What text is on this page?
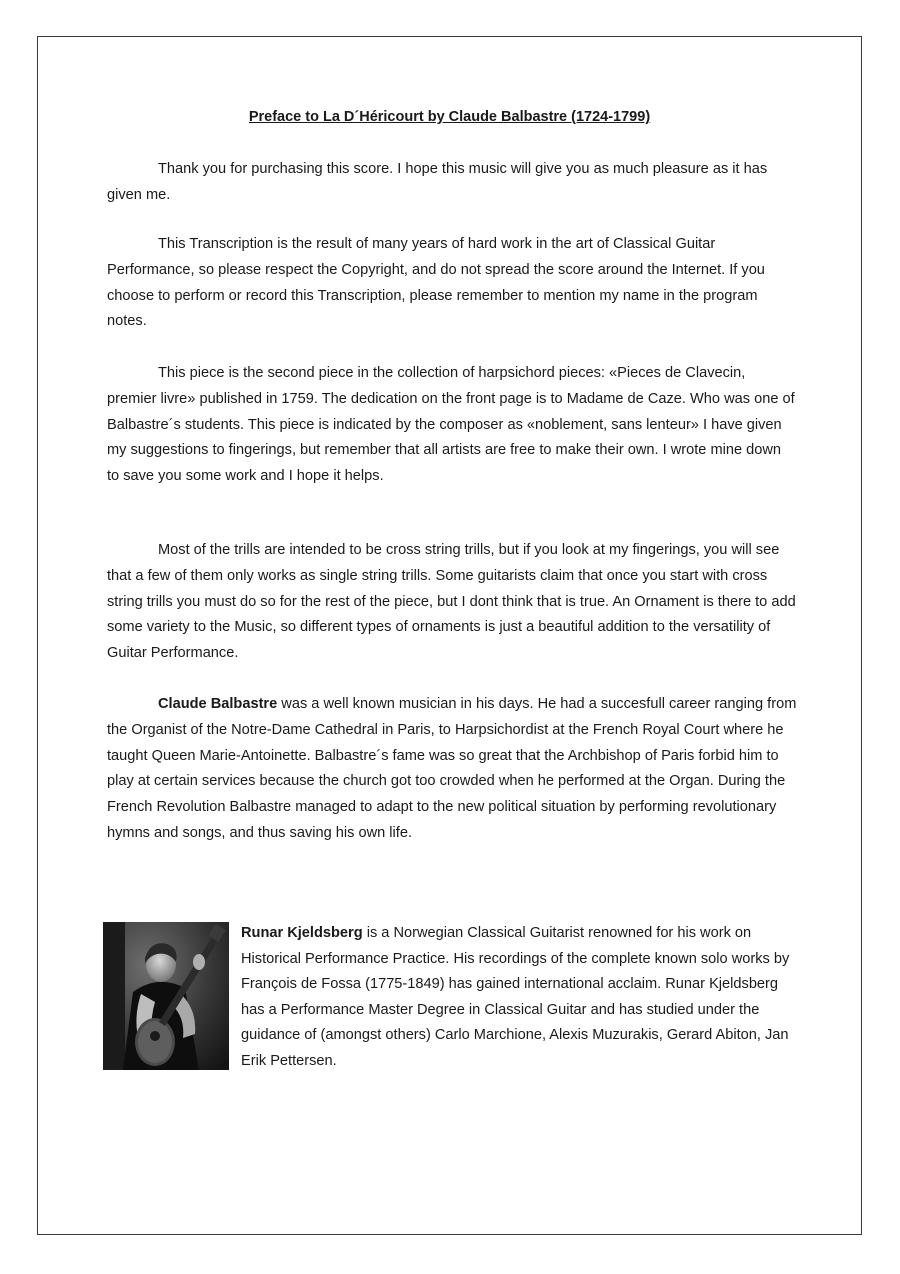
Preface to La D´Héricourt by Claude Balbastre (1724-1799)

Thank you for purchasing this score. I hope this music will give you as much pleasure as it has given me.

This Transcription is the result of many years of hard work in the art of Classical Guitar Performance, so please respect the Copyright, and do not spread the score around the Internet. If you choose to perform or record this Transcription, please remember to mention my name in the program notes.

This piece is the second piece in the collection of harpsichord pieces: «Pieces de Clavecin, premier livre» published in 1759. The dedication on the front page is to Madame de Caze. Who was one of Balbastre´s students. This piece is indicated by the composer as «noblement, sans lenteur» I have given my suggestions to fingerings, but remember that all artists are free to make their own. I wrote mine down to save you some work and I hope it helps.

Most of the trills are intended to be cross string trills, but if you look at my fingerings, you will see that a few of them only works as single string trills. Some guitarists claim that once you start with cross string trills you must do so for the rest of the piece, but I dont think that is true. An Ornament is there to add some variety to the Music, so different types of ornaments is just a beautiful addition to the versatility of Guitar Performance.

Claude Balbastre was a well known musician in his days. He had a succesfull career ranging from the Organist of the Notre-Dame Cathedral in Paris, to Harpsichordist at the French Royal Court where he taught Queen Marie-Antoinette. Balbastre´s fame was so great that the Archbishop of Paris forbid him to play at certain services because the church got too crowded when he performed at the Organ. During the French Revolution Balbastre managed to adapt to the new political situation by performing revolutionary hymns and songs, and thus saving his own life.

Runar Kjeldsberg is a Norwegian Classical Guitarist renowned for his work on Historical Performance Practice. His recordings of the complete known solo works by François de Fossa (1775-1849) has gained international acclaim. Runar Kjeldsberg has a Performance Master Degree in Classical Guitar and has studied under the guidance of (amongst others) Carlo Marchione, Alexis Muzurakis, Gerard Abiton, Jan Erik Pettersen.
